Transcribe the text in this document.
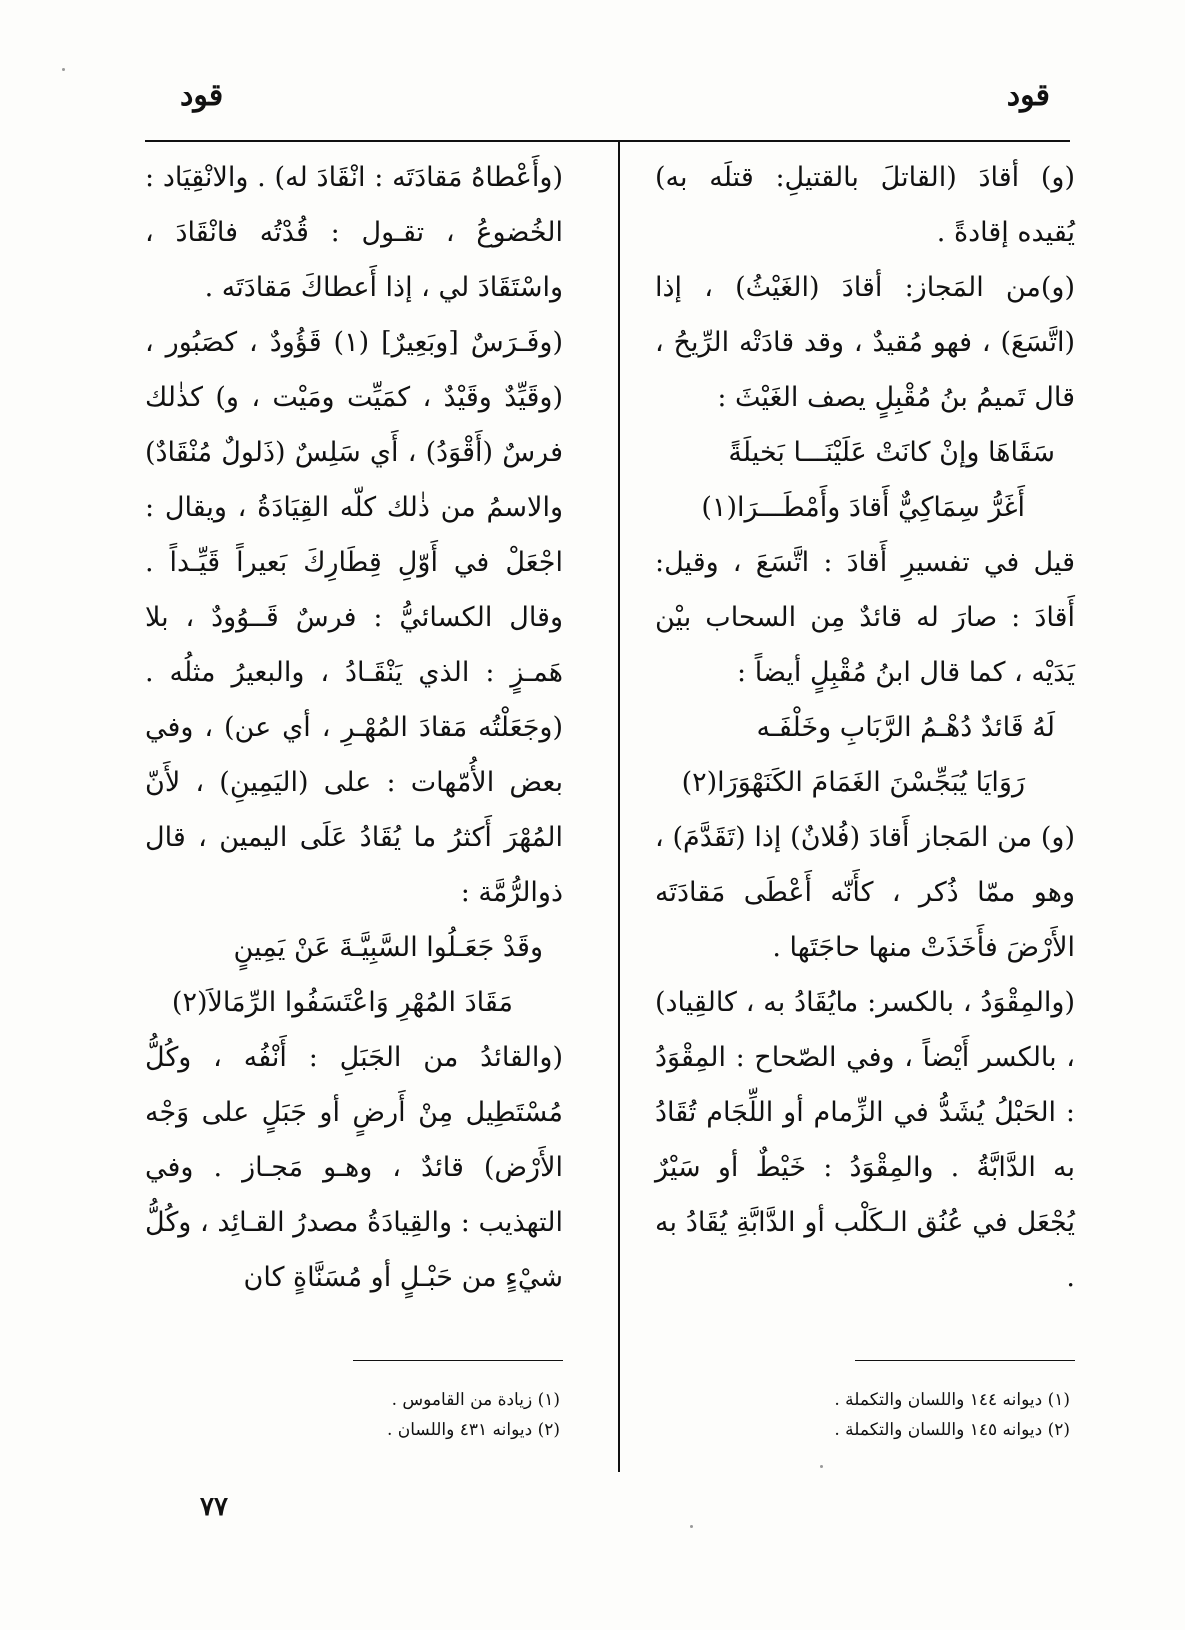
قود
قود

(و) أقادَ (القاتلَ بالقتيلِ: قتلَه به) يُقيده إقادةً .

(و)من المَجاز: أقادَ (الغَيْثُ) ، إذا (اتَّسَعَ) ، فهو مُقيدٌ ، وقد قادَتْه الرِّيحُ ، قال تَميمُ بنُ مُقْبِلٍ يصف الغَيْثَ :

سَقَاهَا وإنْ كانَتْ عَلَيْنَـــا بَخيلَةً

أَغَرُّ سِمَاكِيٌّ أَقادَ وأَمْطَـــرَا(١)

قيل في تفسيرِ أَقادَ : اتَّسَعَ ، وقيل: أَقادَ : صارَ له قائدٌ مِن السحاب بيْن يَدَيْه ، كما قال ابنُ مُقْبِلٍ أيضاً :

لَهُ قَائدٌ دُهْـمُ الرَّبَابِ وخَلْفَـه

رَوَايَا يُبَجِّسْنَ الغَمَامَ الكَنَهْوَرَا(٢)

(و) من المَجاز أَقادَ (فُلانٌ) إذا (تَقَدَّمَ) ، وهو ممّا ذُكر ، كأَنّه أَعْطَى مَقادَتَه الأَرْضَ فأَخَذَتْ منها حاجَتَها .

(والمِقْوَدُ ، بالكسر: مايُقَادُ به ، كالقِياد) ، بالكسر أَيْضاً ، وفي الصّحاح : المِقْوَدُ : الحَبْلُ يُشَدُّ في الزِّمام أو اللِّجَام تُقَادُ به الدَّابَّةُ . والمِقْوَدُ : خَيْطٌ أو سَيْرٌ يُجْعَل في عُنُق الـكَلْب أو الدَّابَّةِ يُقَادُ به .

(وأَعْطاهُ مَقادَتَه : انْقَادَ له) . والانْقِيَاد : الخُضوعُ ، تقـول : قُدْتُه فانْقَادَ ، واسْتَقَادَ لي ، إذا أَعطاكَ مَقادَتَه .

(وفَـرَسٌ [وبَعِيرٌ] (١) قَؤُودٌ ، كصَبُور ، (وقَيِّدٌ وقَيْدٌ ، كمَيِّت ومَيْت ، و) كذٰلك فرسٌ (أَقْوَدُ) ، أَي سَلِسٌ (ذَلولٌ مُنْقَادٌ) والاسمُ من ذٰلك كلّه القِيَادَةُ ، ويقال : اجْعَلْ في أَوّلِ قِطَارِكَ بَعيراً قَيِّـداً . وقال الكسائيُّ : فرسٌ قَــوُودٌ ، بلا هَمـزٍ : الذي يَنْقَـادُ ، والبعيرُ مثلُه . (وجَعَلْتُه مَقادَ المُهْـرِ ، أي عن) ، وفي بعض الأُمّهات : على (اليَمِينِ) ، لأَنّ المُهْرَ أَكثرُ ما يُقَادُ عَلَى اليمين ، قال ذوالرُّمَّة :

وقَدْ جَعَـلُوا السَّبِيَّـةَ عَنْ يَمِينٍ

مَقَادَ المُهْرِ وَاعْتَسَفُوا الرِّمَالاَ(٢)

(والقائدُ من الجَبَلِ : أَنْفُه ، وكُلُّ مُسْتَطِيل مِنْ أَرضٍ أو جَبَلٍ على وَجْه الأَرْض) قائدٌ ، وهـو مَجـاز . وفي التهذيب : والقِيادَةُ مصدرُ القـائِد ، وكُلُّ شيْءٍ من حَبْـلٍ أو مُسَنَّاةٍ كان

(١) ديوانه ١٤٤ واللسان والتكملة .
(٢) ديوانه ١٤٥ واللسان والتكملة .
(١) زيادة من القاموس .
(٢) ديوانه ٤٣١ واللسان .
٧٧
